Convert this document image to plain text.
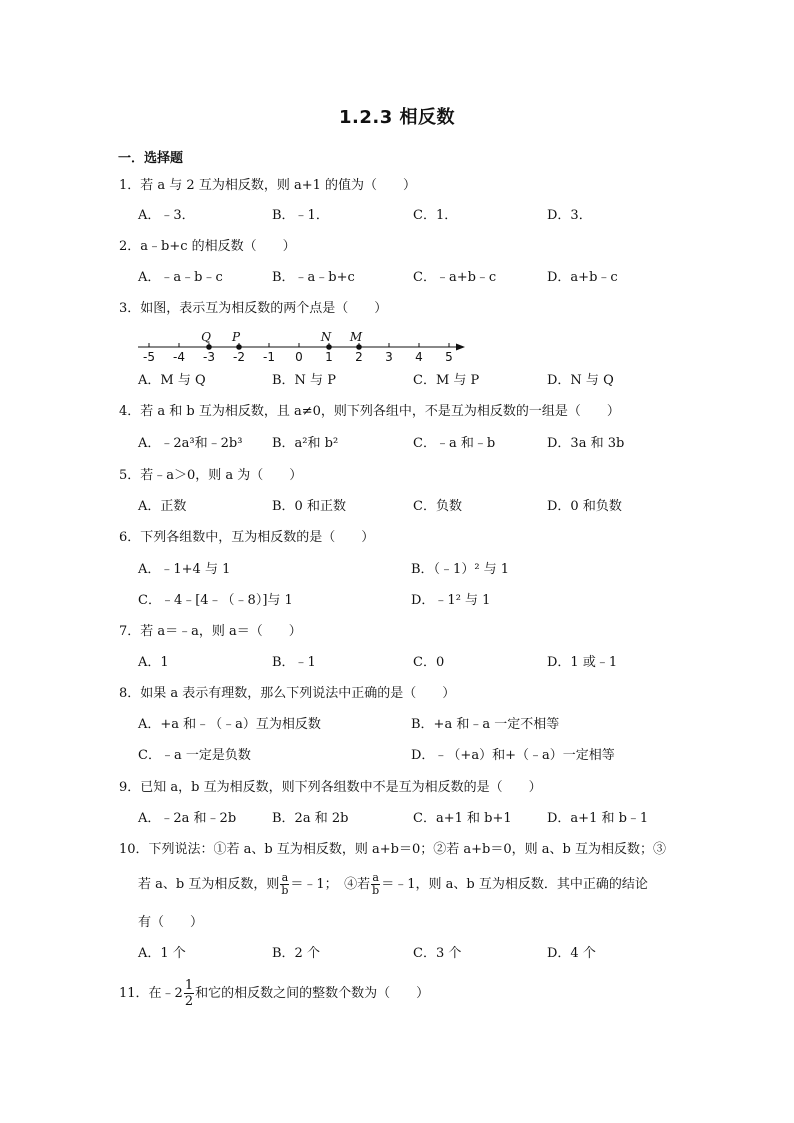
1.2.3 相反数
一．选择题
1．若 a 与 2 互为相反数，则 a+1 的值为（　　）
A．﹣3．	B．﹣1．	C．1．	D．3．
2．a﹣b+c 的相反数（　　）
A．﹣a﹣b﹣c	B．﹣a﹣b+c	C．﹣a+b﹣c	D．a+b﹣c
3．如图，表示互为相反数的两个点是（　　）
-5 -4 -3 -2 -1 0 1 2 3 4 5
Q P	N M
A．M 与 Q	B．N 与 P	C．M 与 P	D．N 与 Q
4．若 a 和 b 互为相反数，且 a≠0，则下列各组中，不是互为相反数的一组是（　　）
A．﹣2a³和﹣2b³ B．a²和 b²	C．﹣a 和﹣b	D．3a 和 3b
5．若﹣a＞0，则 a 为（　　）
A．正数	B．0 和正数	C．负数	D．0 和负数
6．下列各组数中，互为相反数的是（　　）
A．﹣1+4 与 1	B．（﹣1）² 与 1
C．﹣4﹣[4﹣（﹣8）]与 1	D．﹣1² 与 1
7．若 a＝﹣a，则 a＝（　　）
A．1	B．﹣1	C．0	D．1 或﹣1
8．如果 a 表示有理数，那么下列说法中正确的是（　　）
A．+a 和﹣（﹣a）互为相反数	B．+a 和﹣a 一定不相等
C．﹣a 一定是负数	D．﹣（+a）和+（﹣a）一定相等
9．已知 a，b 互为相反数，则下列各组数中不是互为相反数的是（　　）
A．﹣2a 和﹣2b	B．2a 和 2b	C．a+1 和 b+1	D．a+1 和 b﹣1
10．下列说法：①若 a、b 互为相反数，则 a+b＝0；②若 a+b＝0，则 a、b 互为相反数；③
若 a、b 互为相反数，则 $\frac{a}{b}$ ＝﹣1；　④若 $\frac{a}{b}$ ＝﹣1，则 a、b 互为相反数．其中正确的结论
有（　　）
A．1 个	B．2 个	C．3 个	D．4 个
11．在﹣2 $\frac{1}{2}$ 和它的相反数之间的整数个数为（　　）
